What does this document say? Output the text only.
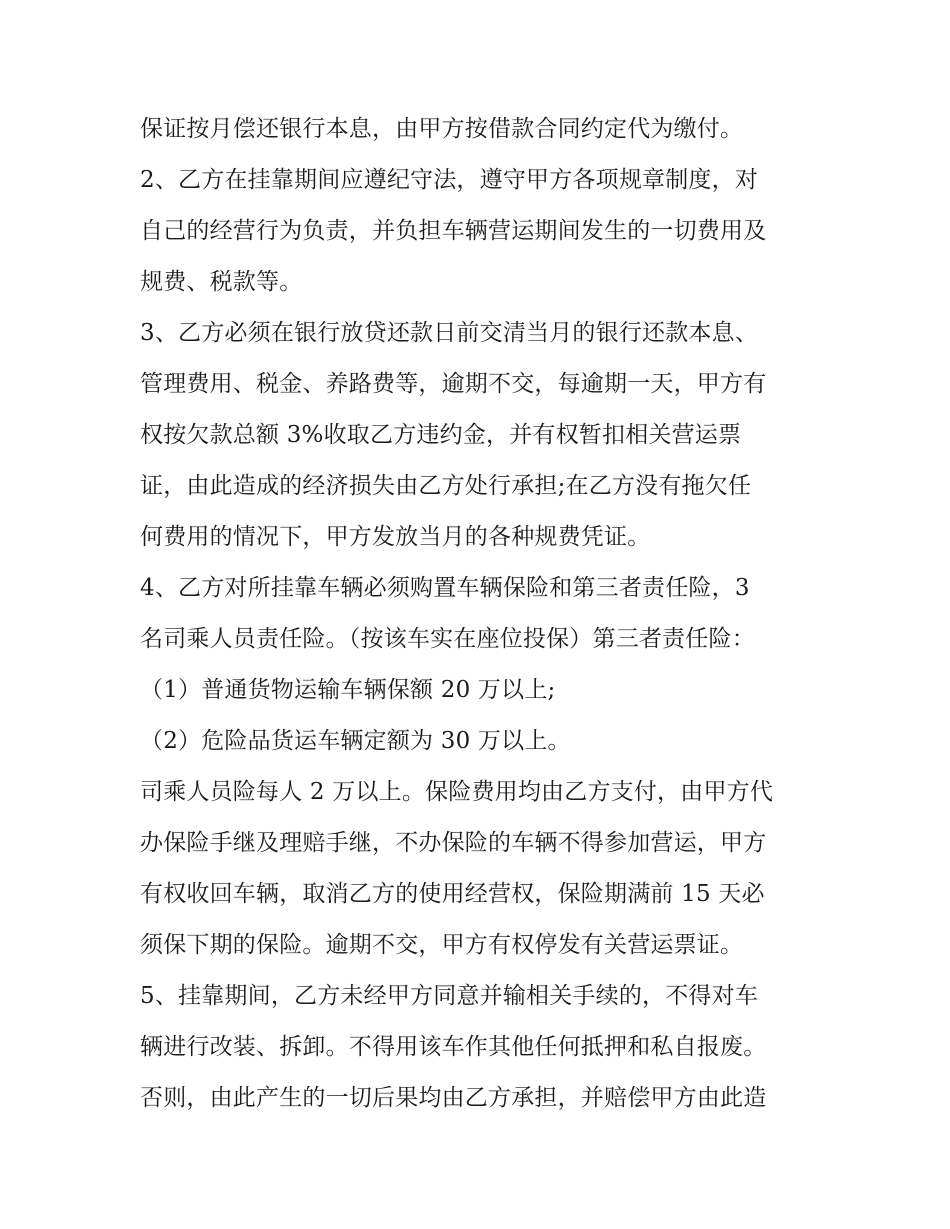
保证按月偿还银行本息，由甲方按借款合同约定代为缴付。
2、乙方在挂靠期间应遵纪守法，遵守甲方各项规章制度，对
自己的经营行为负责，并负担车辆营运期间发生的一切费用及
规费、税款等。
3、乙方必须在银行放贷还款日前交清当月的银行还款本息、
管理费用、税金、养路费等，逾期不交，每逾期一天，甲方有
权按欠款总额 3%收取乙方违约金，并有权暂扣相关营运票
证，由此造成的经济损失由乙方处行承担;在乙方没有拖欠任
何费用的情况下，甲方发放当月的各种规费凭证。
4、乙方对所挂靠车辆必须购置车辆保险和第三者责任险，3
名司乘人员责任险。（按该车实在座位投保）第三者责任险：
（1）普通货物运输车辆保额 20 万以上;
（2）危险品货运车辆定额为 30 万以上。
司乘人员险每人 2 万以上。保险费用均由乙方支付，由甲方代
办保险手继及理赔手继，不办保险的车辆不得参加营运，甲方
有权收回车辆，取消乙方的使用经营权，保险期满前 15 天必
须保下期的保险。逾期不交，甲方有权停发有关营运票证。
5、挂靠期间，乙方未经甲方同意并输相关手续的，不得对车
辆进行改装、拆卸。不得用该车作其他任何抵押和私自报废。
否则，由此产生的一切后果均由乙方承担，并赔偿甲方由此造
